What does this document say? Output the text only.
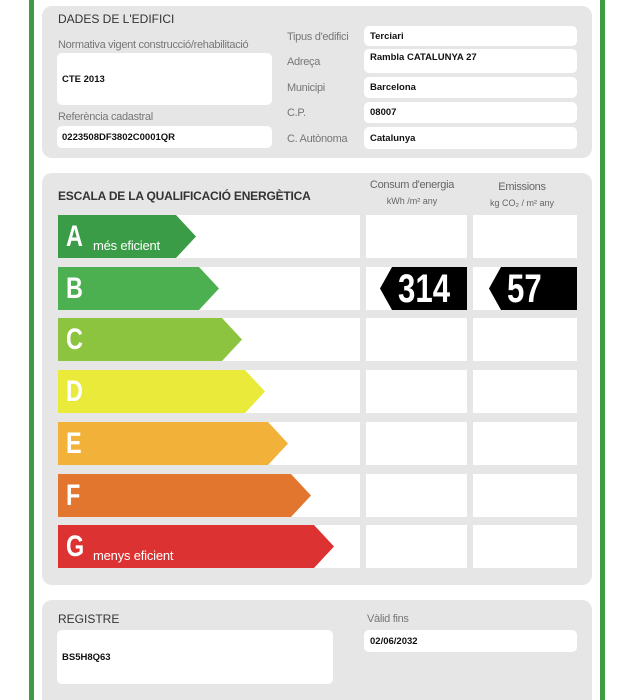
DADES DE L'EDIFICI
Normativa vigent construcció/rehabilitació
CTE 2013
Referència cadastral
0223508DF3802C0001QR
Tipus d'edifici Terciari
Adreça	Rambla CATALUNYA 27
Municipi	Barcelona
C.P.	08007
C. Autònoma Catalunya
ESCALA DE LA QUALIFICACIÓ ENERGÈTICA
Consum d'energia
kWh /m² any
Emissions
kg CO₂ / m² any
A més eficient
B	314 57
C
D
E
F
G menys eficient
REGISTRE
BS5H8Q63
Vàlid fins
02/06/2032
